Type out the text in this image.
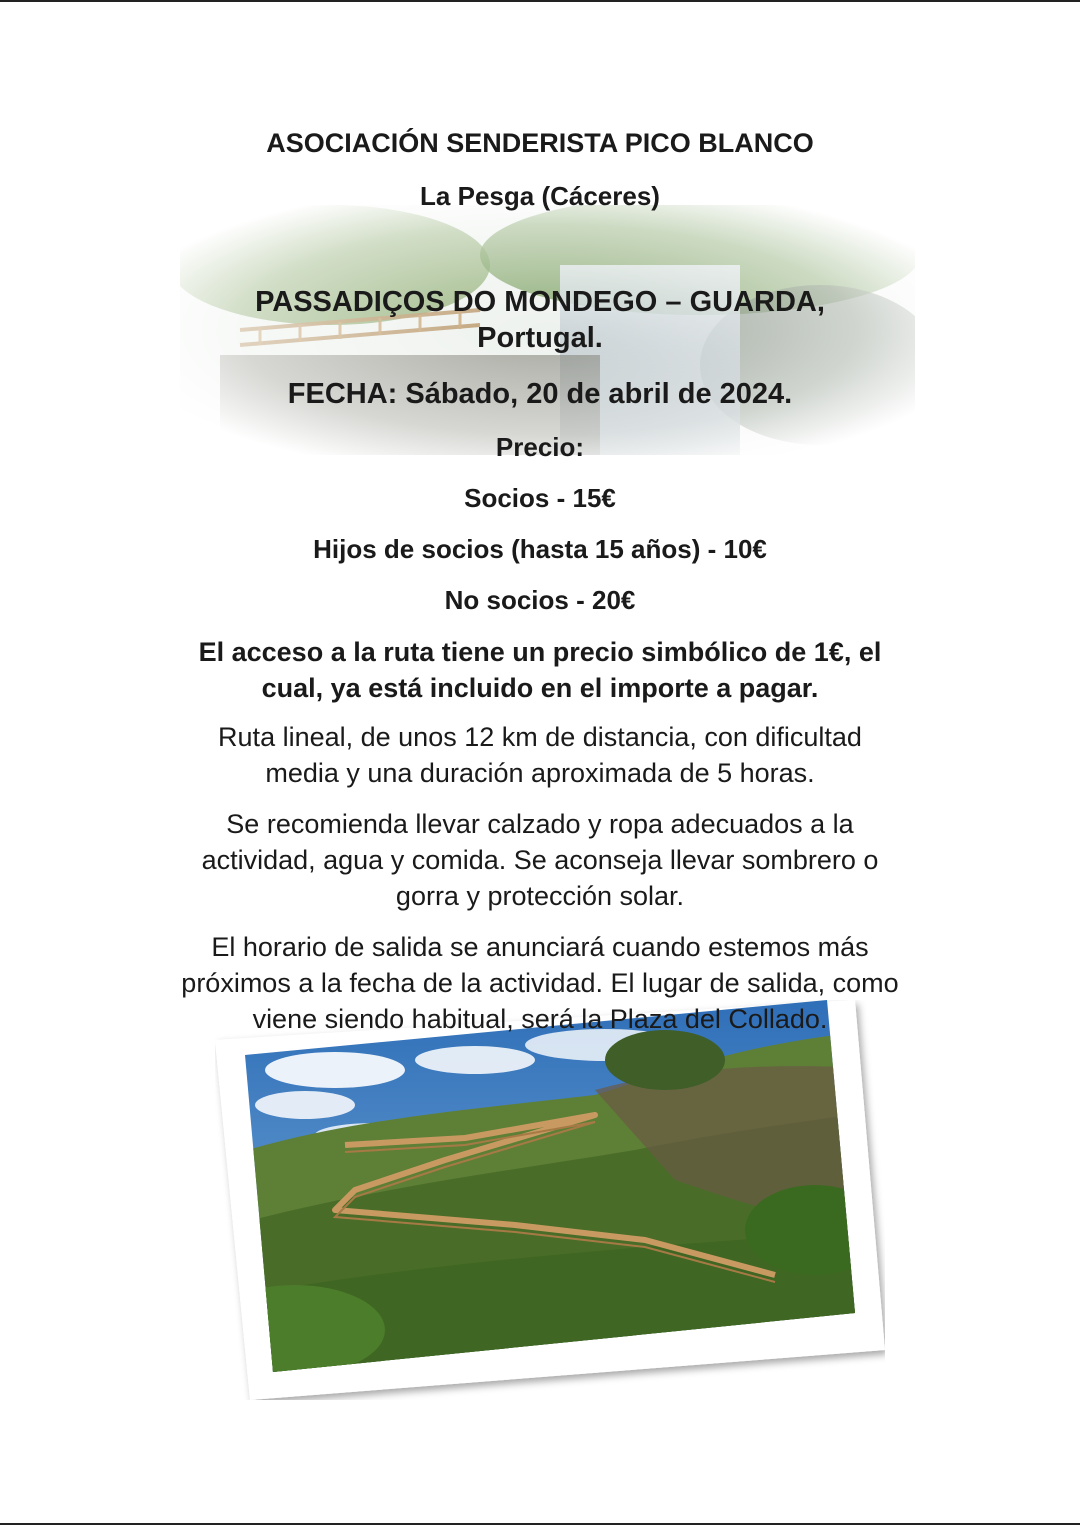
ASOCIACIÓN SENDERISTA PICO BLANCO

La Pesga (Cáceres)

PASSADIÇOS DO MONDEGO – GUARDA,
Portugal.

FECHA: Sábado, 20 de abril de 2024.

Precio:

Socios - 15€

Hijos de socios (hasta 15 años) - 10€

No socios - 20€

El acceso a la ruta tiene un precio simbólico de 1€, el
cual, ya está incluido en el importe a pagar.
Ruta lineal, de unos 12 km de distancia, con dificultad
media y una duración aproximada de 5 horas.
Se recomienda llevar calzado y ropa adecuados a la
actividad, agua y comida. Se aconseja llevar sombrero o
gorra y protección solar.
El horario de salida se anunciará cuando estemos más
próximos a la fecha de la actividad. El lugar de salida, como
viene siendo habitual, será la Plaza del Collado.
